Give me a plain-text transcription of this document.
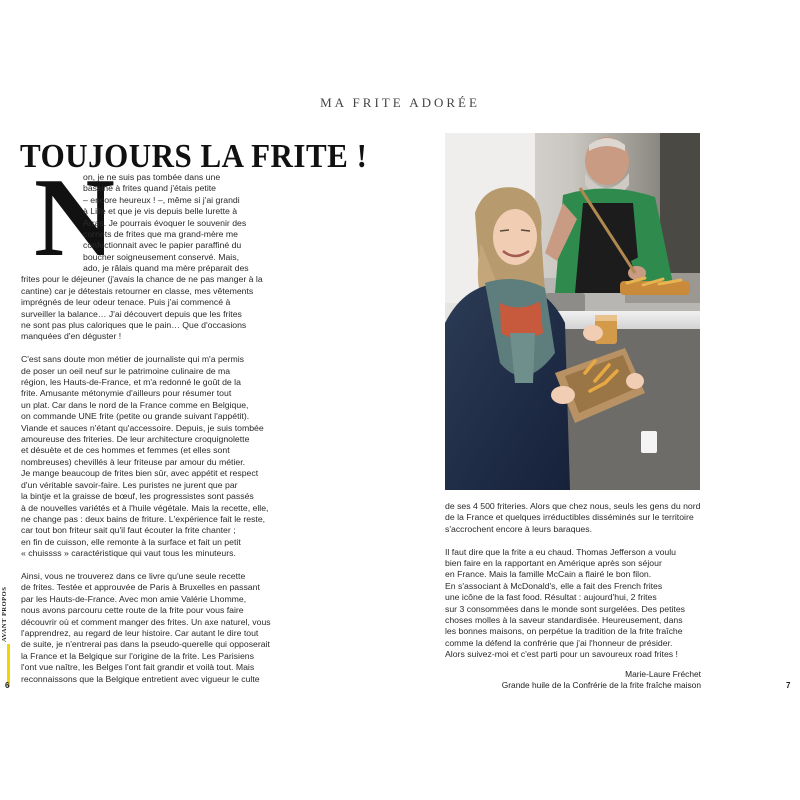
MA FRITE ADORÉE
TOUJOURS LA FRITE !
N
on, je ne suis pas tombée dans une
bassine à frites quand j'étais petite
– encore heureux ! –, même si j'ai grandi
à Lille et que je vis depuis belle lurette à
Arras. Je pourrais évoquer le souvenir des
cornets de frites que ma grand-mère me
confectionnait avec le papier paraffiné du
boucher soigneusement conservé. Mais,
ado, je râlais quand ma mère préparait des
frites pour le déjeuner (j'avais la chance de ne pas manger à la
cantine) car je détestais retourner en classe, mes vêtements
imprégnés de leur odeur tenace. Puis j'ai commencé à
surveiller la balance… J'ai découvert depuis que les frites
ne sont pas plus caloriques que le pain… Que d'occasions
manquées d'en déguster !
C'est sans doute mon métier de journaliste qui m'a permis
de poser un oeil neuf sur le patrimoine culinaire de ma
région, les Hauts-de-France, et m'a redonné le goût de la
frite. Amusante métonymie d'ailleurs pour résumer tout
un plat. Car dans le nord de la France comme en Belgique,
on commande UNE frite (petite ou grande suivant l'appétit).
Viande et sauces n'étant qu'accessoire. Depuis, je suis tombée
amoureuse des friteries. De leur architecture croquignolette
et désuète et de ces hommes et femmes (et elles sont
nombreuses) chevillés à leur friteuse par amour du métier.
Je mange beaucoup de frites bien sûr, avec appétit et respect
d'un véritable savoir-faire. Les puristes ne jurent que par
la bintje et la graisse de bœuf, les progressistes sont passés
à de nouvelles variétés et à l'huile végétale. Mais la recette, elle,
ne change pas : deux bains de friture. L'expérience fait le reste,
car tout bon friteur sait qu'il faut écouter la frite chanter ;
en fin de cuisson, elle remonte à la surface et fait un petit
« chuissss » caractéristique qui vaut tous les minuteurs.
Ainsi, vous ne trouverez dans ce livre qu'une seule recette
de frites. Testée et approuvée de Paris à Bruxelles en passant
par les Hauts-de-France. Avec mon amie Valérie Lhomme,
nous avons parcouru cette route de la frite pour vous faire
découvrir où et comment manger des frites. Un axe naturel, vous
l'apprendrez, au regard de leur histoire. Car autant le dire tout
de suite, je n'entrerai pas dans la pseudo-querelle qui opposerait
la France et la Belgique sur l'origine de la frite. Les Parisiens
l'ont vue naître, les Belges l'ont fait grandir et voilà tout. Mais
reconnaissons que la Belgique entretient avec vigueur le culte
AVANT PROPOS
6	7
de ses 4 500 friteries. Alors que chez nous, seuls les gens du nord
de la France et quelques irréductibles disséminés sur le territoire
s'accrochent encore à leurs baraques.
Il faut dire que la frite a eu chaud. Thomas Jefferson a voulu
bien faire en la rapportant en Amérique après son séjour
en France. Mais la famille McCain a flairé le bon filon.
En s'associant à McDonald's, elle a fait des French frites
une icône de la fast food. Résultat : aujourd'hui, 2 frites
sur 3 consommées dans le monde sont surgelées. Des petites
choses molles à la saveur standardisée. Heureusement, dans
les bonnes maisons, on perpétue la tradition de la frite fraîche
comme la défend la confrérie que j'ai l'honneur de présider.
Alors suivez-moi et c'est parti pour un savoureux road frites !
Marie-Laure Fréchet
Grande huile de la Confrérie de la frite fraîche maison
